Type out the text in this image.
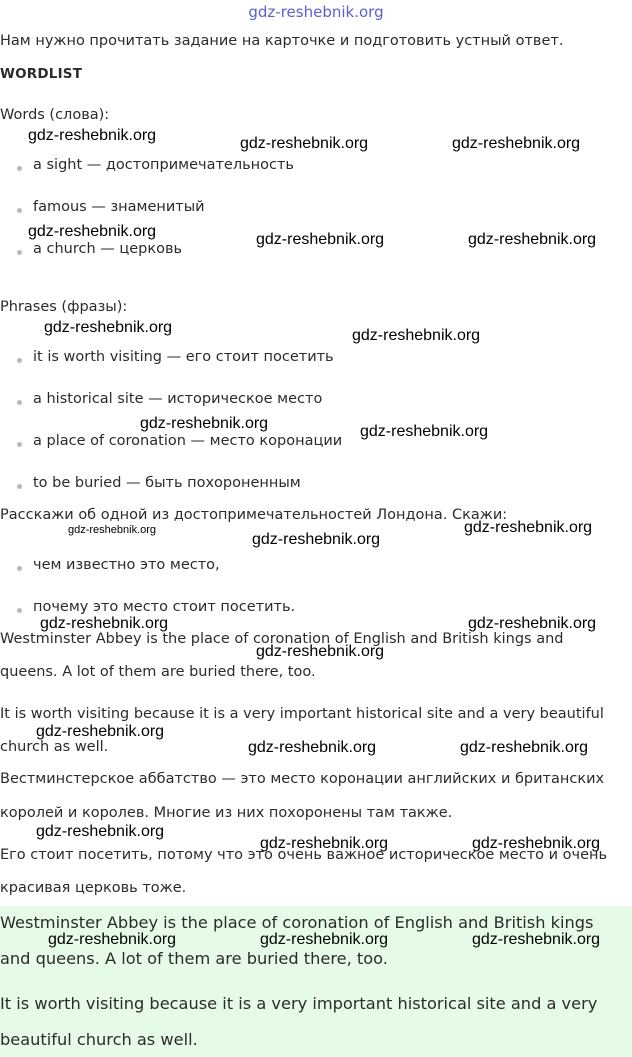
gdz-reshebnik.org
Нам нужно прочитать задание на карточке и подготовить устный ответ.
WORDLIST
Words (слова):
a sight — достопримечательность
famous — знаменитый
a church — церковь
Phrases (фразы):
it is worth visiting — его стоит посетить
a historical site — историческое место
a place of coronation — место коронации
to be buried — быть похороненным
Расскажи об одной из достопримечательностей Лондона. Скажи:
чем известно это место,
почему это место стоит посетить.
Westminster Abbey is the place of coronation of English and British kings and
queens. A lot of them are buried there, too.
It is worth visiting because it is a very important historical site and a very beautiful
church as well.
Вестминстерское аббатство — это место коронации английских и британских
королей и королев. Многие из них похоронены там также.
Его стоит посетить, потому что это очень важное историческое место и очень
красивая церковь тоже.
Westminster Abbey is the place of coronation of English and British kings
and queens. A lot of them are buried there, too.
It is worth visiting because it is a very important historical site and a very
beautiful church as well.
gdz-reshebnik.org	gdz-reshebnik.org	gdz-reshebnik.org
gdz-reshebnik.org	gdz-reshebnik.org	gdz-reshebnik.org
gdz-reshebnik.org	gdz-reshebnik.org
gdz-reshebnik.org	gdz-reshebnik.org
gdz-reshebnik.org
gdz-reshebnik.org
gdz-reshebnik.org
gdz-reshebnik.org	gdz-reshebnik.org
gdz-reshebnik.org
gdz-reshebnik.org
gdz-reshebnik.org	gdz-reshebnik.org
gdz-reshebnik.org
gdz-reshebnik.org	gdz-reshebnik.org
gdz-reshebnik.org	gdz-reshebnik.org	gdz-reshebnik.org
